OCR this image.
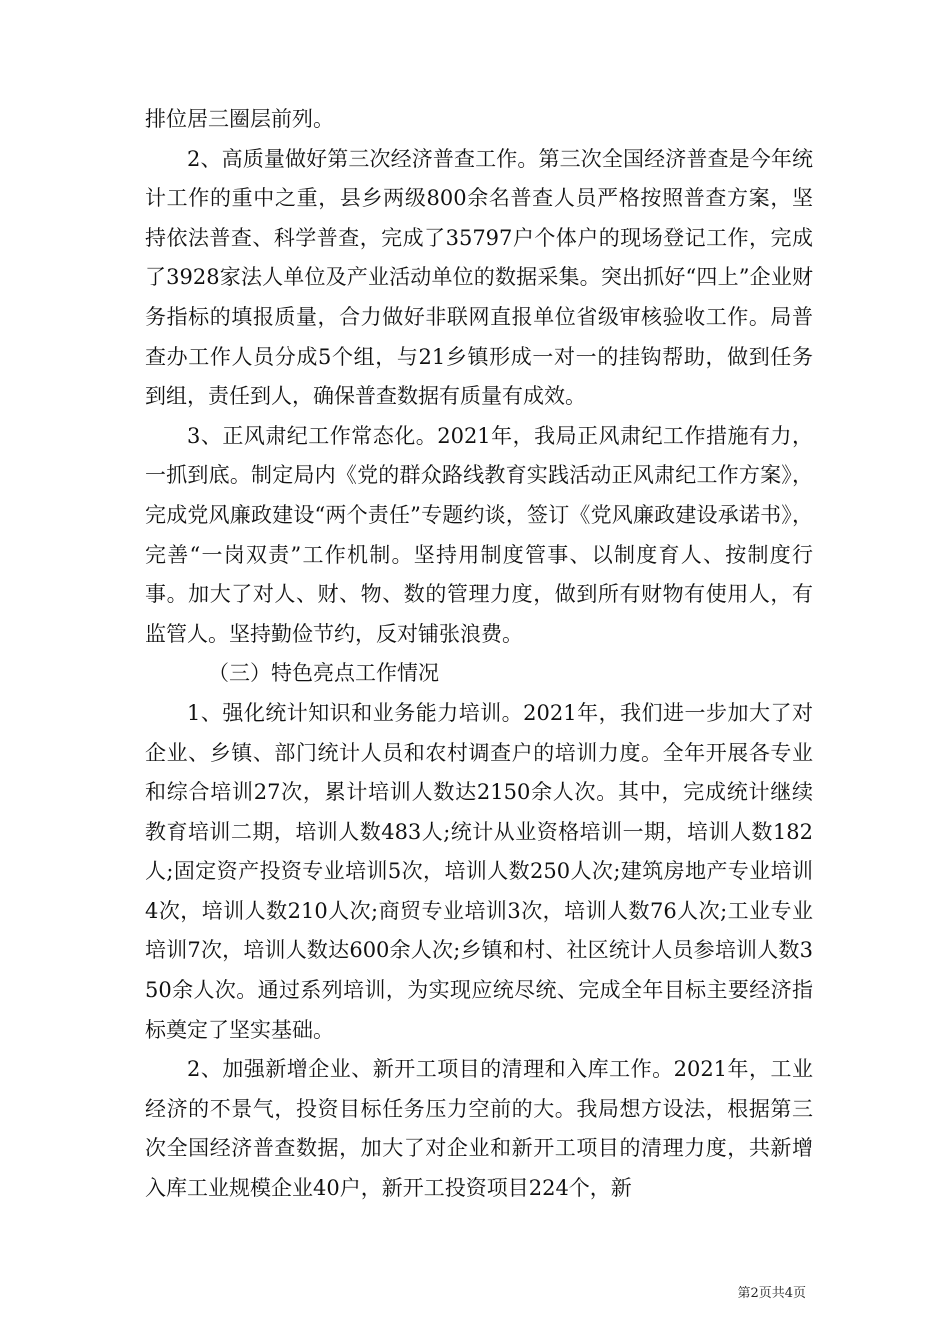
排位居三圈层前列。

2、高质量做好第三次经济普查工作。第三次全国经济普查是今年统计工作的重中之重，县乡两级800余名普查人员严格按照普查方案，坚持依法普查、科学普查，完成了35797户个体户的现场登记工作，完成了3928家法人单位及产业活动单位的数据采集。突出抓好“四上”企业财务指标的填报质量，合力做好非联网直报单位省级审核验收工作。局普查办工作人员分成5个组，与21乡镇形成一对一的挂钩帮助，做到任务到组，责任到人，确保普查数据有质量有成效。

3、正风肃纪工作常态化。2021年，我局正风肃纪工作措施有力，一抓到底。制定局内《党的群众路线教育实践活动正风肃纪工作方案》，完成党风廉政建设“两个责任”专题约谈，签订《党风廉政建设承诺书》，完善“一岗双责”工作机制。坚持用制度管事、以制度育人、按制度行事。加大了对人、财、物、数的管理力度，做到所有财物有使用人，有监管人。坚持勤俭节约，反对铺张浪费。

（三）特色亮点工作情况

1、强化统计知识和业务能力培训。2021年，我们进一步加大了对企业、乡镇、部门统计人员和农村调查户的培训力度。全年开展各专业和综合培训27次，累计培训人数达2150余人次。其中，完成统计继续教育培训二期，培训人数483人;统计从业资格培训一期，培训人数182人;固定资产投资专业培训5次，培训人数250人次;建筑房地产专业培训4次，培训人数210人次;商贸专业培训3次，培训人数76人次;工业专业培训7次，培训人数达600余人次;乡镇和村、社区统计人员参培训人数350余人次。通过系列培训，为实现应统尽统、完成全年目标主要经济指标奠定了坚实基础。

2、加强新增企业、新开工项目的清理和入库工作。2021年，工业经济的不景气，投资目标任务压力空前的大。我局想方设法，根据第三次全国经济普查数据，加大了对企业和新开工项目的清理力度，共新增入库工业规模企业40户，新开工投资项目224个，新

第2页共4页
